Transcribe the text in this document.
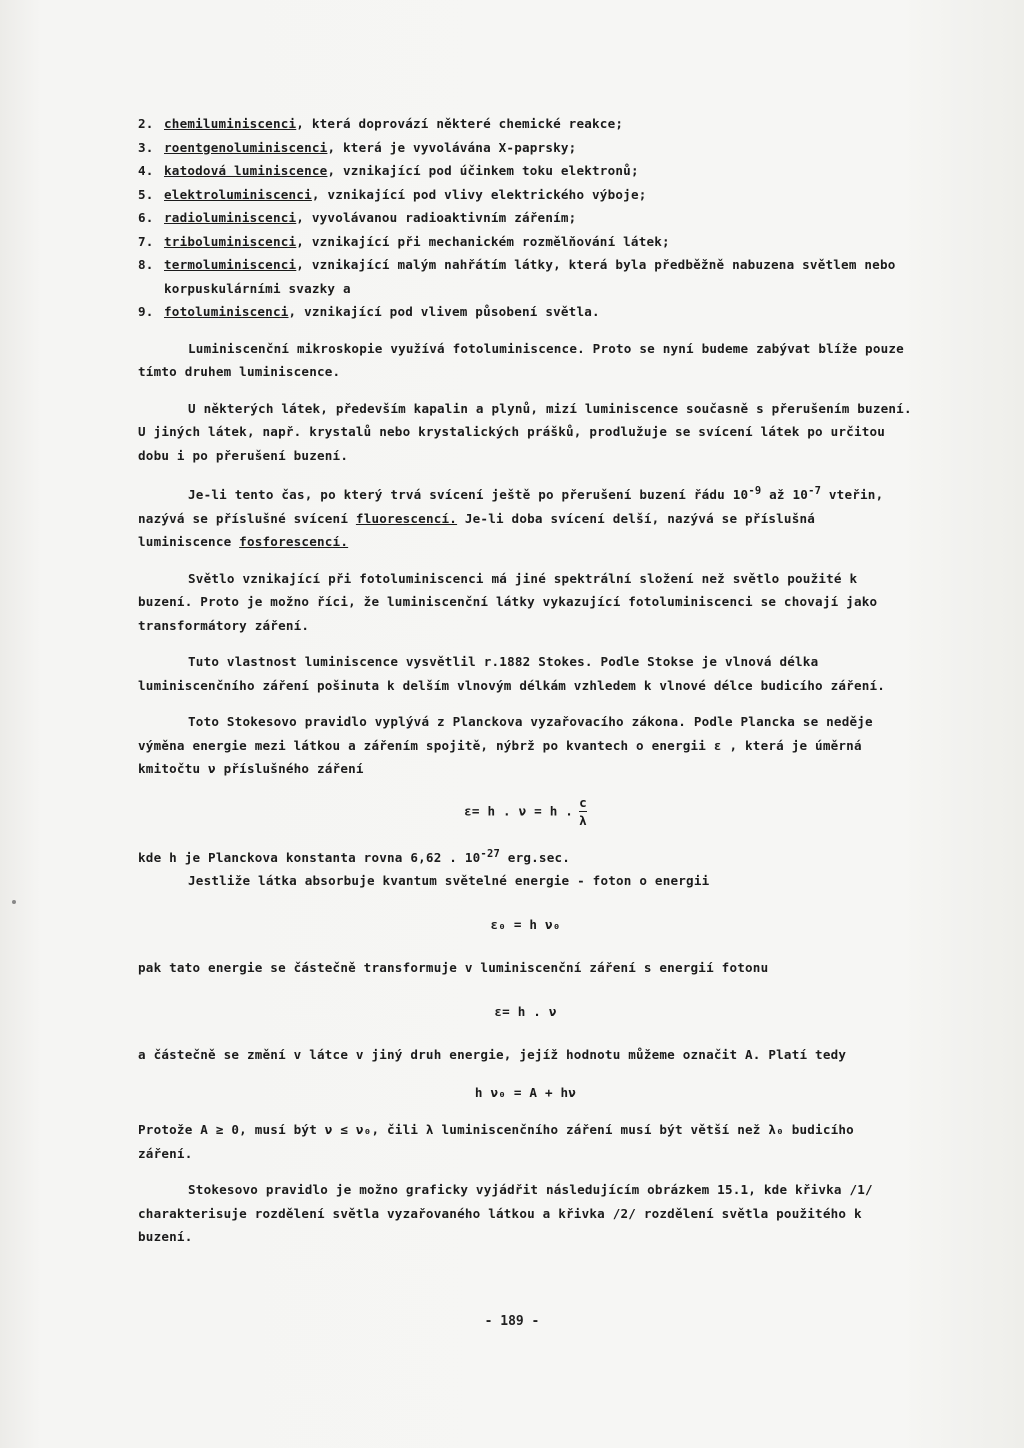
2. chemiluminiscenci, která doprovází některé chemické reakce;
3. roentgenoluminiscenci, která je vyvolávána X-paprsky;
4. katodová luminiscence, vznikající pod účinkem toku elektronů;
5. elektroluminiscenci, vznikající pod vlivy elektrického výboje;
6. radioluminiscenci, vyvolávanou radioaktivním zářením;
7. triboluminiscenci, vznikající při mechanickém rozmělňování látek;
8. termoluminiscenci, vznikající malým nahřátím látky, která byla předběžně nabuzena světlem nebo korpuskulárními svazky a
9. fotoluminiscenci, vznikající pod vlivem působení světla.

Luminiscenční mikroskopie využívá fotoluminiscence. Proto se nyní budeme zabývat blíže pouze tímto druhem luminiscence.

U některých látek, především kapalin a plynů, mizí luminiscence současně s přerušením buzení. U jiných látek, např. krystalů nebo krystalických prášků, prodlužuje se svícení látek po určitou dobu i po přerušení buzení.

Je-li tento čas, po který trvá svícení ještě po přerušení buzení řádu $10^{-9}$ až $10^{-7}$ vteřin, nazývá se příslušné svícení fluorescencí. Je-li doba svícení delší, nazývá se příslušná luminiscence fosforescencí.

Světlo vznikající při fotoluminiscenci má jiné spektrální složení než světlo použité k buzení. Proto je možno říci, že luminiscenční látky vykazující fotoluminiscenci se chovají jako transformátory záření.

Tuto vlastnost luminiscence vysvětlil r.1882 Stokes. Podle Stokse je vlnová délka luminiscenčního záření pošinuta k delším vlnovým délkám vzhledem k vlnové délce budicího záření.

Toto Stokesovo pravidlo vyplývá z Planckova vyzařovacího zákona. Podle Plancka se neděje výměna energie mezi látkou a zářením spojitě, nýbrž po kvantech o energii ε , která je úměrná kmitočtu ν příslušného záření

ε= h . ν = h . $\frac{c}{\lambda}$

kde h je Planckova konstanta rovna 6,62 . $10^{-27}$ erg.sec.

Jestliže látka absorbuje kvantum světelné energie - foton o energii

ε₀ = h ν₀

pak tato energie se částečně transformuje v luminiscenční záření s energií fotonu

ε= h . ν

a částečně se změní v látce v jiný druh energie, jejíž hodnotu můžeme označit A. Platí tedy

h ν₀ = A + hν

Protože A ≥ 0, musí být ν ≤ ν₀, čili λ luminiscenčního záření musí být větší než λ₀ budicího záření.

Stokesovo pravidlo je možno graficky vyjádřit následujícím obrázkem 15.1, kde křivka /1/ charakterisuje rozdělení světla vyzařovaného látkou a křivka /2/ rozdělení světla použitého k buzení.

- 189 -
